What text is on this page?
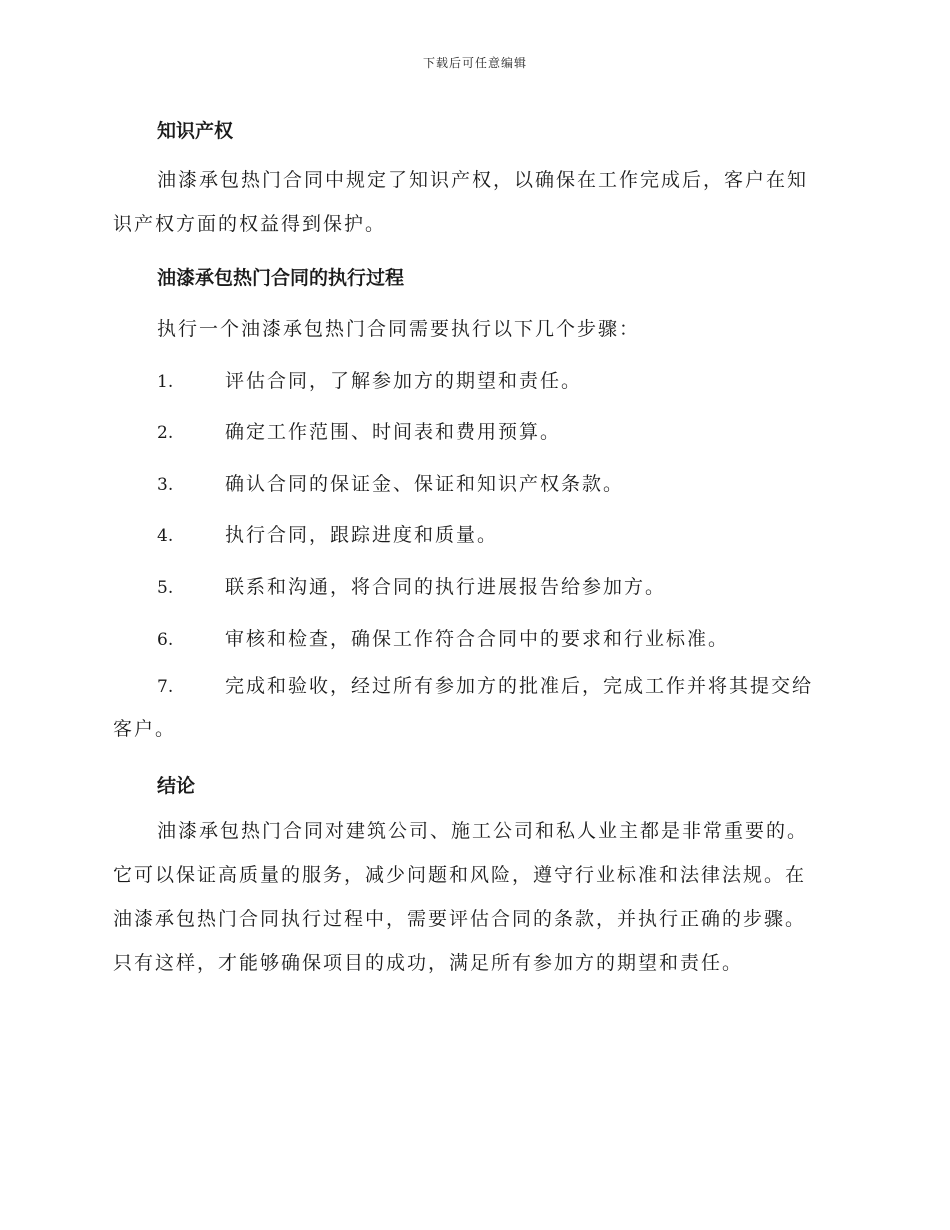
下载后可任意编辑
知识产权
油漆承包热门合同中规定了知识产权，以确保在工作完成后，客户在知
识产权方面的权益得到保护。
油漆承包热门合同的执行过程
执行一个油漆承包热门合同需要执行以下几个步骤：
1.	评估合同，了解参加方的期望和责任。
2.	确定工作范围、时间表和费用预算。
3.	确认合同的保证金、保证和知识产权条款。
4.	执行合同，跟踪进度和质量。
5.	联系和沟通，将合同的执行进展报告给参加方。
6.	审核和检查，确保工作符合合同中的要求和行业标准。
7.	完成和验收，经过所有参加方的批准后，完成工作并将其提交给
客户。
结论
油漆承包热门合同对建筑公司、施工公司和私人业主都是非常重要的。
它可以保证高质量的服务，减少问题和风险，遵守行业标准和法律法规。在
油漆承包热门合同执行过程中，需要评估合同的条款，并执行正确的步骤。
只有这样，才能够确保项目的成功，满足所有参加方的期望和责任。
